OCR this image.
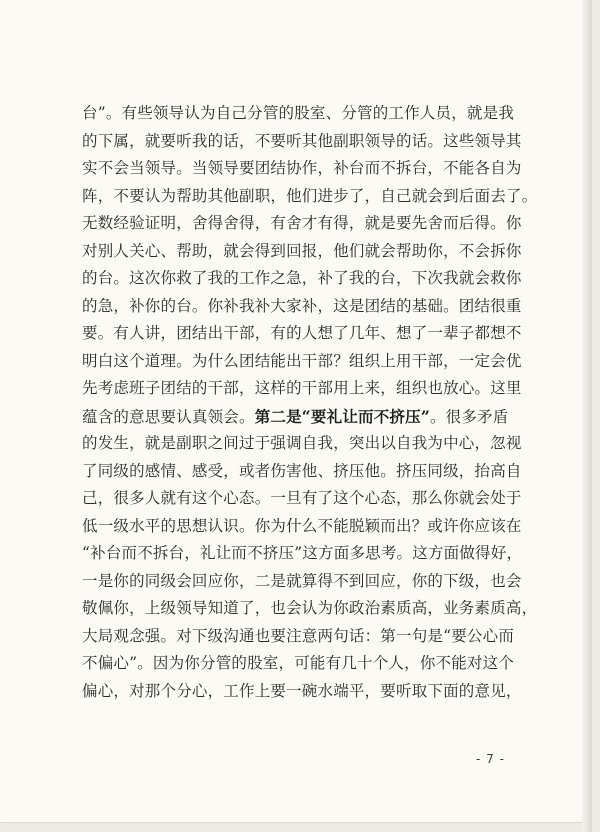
台”。有些领导认为自己分管的股室、分管的工作人员，就是我
的下属，就要听我的话，不要听其他副职领导的话。这些领导其
实不会当领导。当领导要团结协作，补台而不拆台，不能各自为
阵，不要认为帮助其他副职，他们进步了，自己就会到后面去了。
无数经验证明，舍得舍得，有舍才有得，就是要先舍而后得。你
对别人关心、帮助，就会得到回报，他们就会帮助你，不会拆你
的台。这次你救了我的工作之急，补了我的台，下次我就会救你
的急，补你的台。你补我补大家补，这是团结的基础。团结很重
要。有人讲，团结出干部，有的人想了几年、想了一辈子都想不
明白这个道理。为什么团结能出干部？组织上用干部，一定会优
先考虑班子团结的干部，这样的干部用上来，组织也放心。这里
蕴含的意思要认真领会。第二是“要礼让而不挤压”。很多矛盾
的发生，就是副职之间过于强调自我，突出以自我为中心，忽视
了同级的感情、感受，或者伤害他、挤压他。挤压同级，抬高自
己，很多人就有这个心态。一旦有了这个心态，那么你就会处于
低一级水平的思想认识。你为什么不能脱颖而出？或许你应该在
“补台而不拆台，礼让而不挤压”这方面多思考。这方面做得好，
一是你的同级会回应你，二是就算得不到回应，你的下级，也会
敬佩你，上级领导知道了，也会认为你政治素质高，业务素质高，
大局观念强。对下级沟通也要注意两句话：第一句是“要公心而
不偏心”。因为你分管的股室，可能有几十个人，你不能对这个
偏心，对那个分心，工作上要一碗水端平，要听取下面的意见，
- 7 -
